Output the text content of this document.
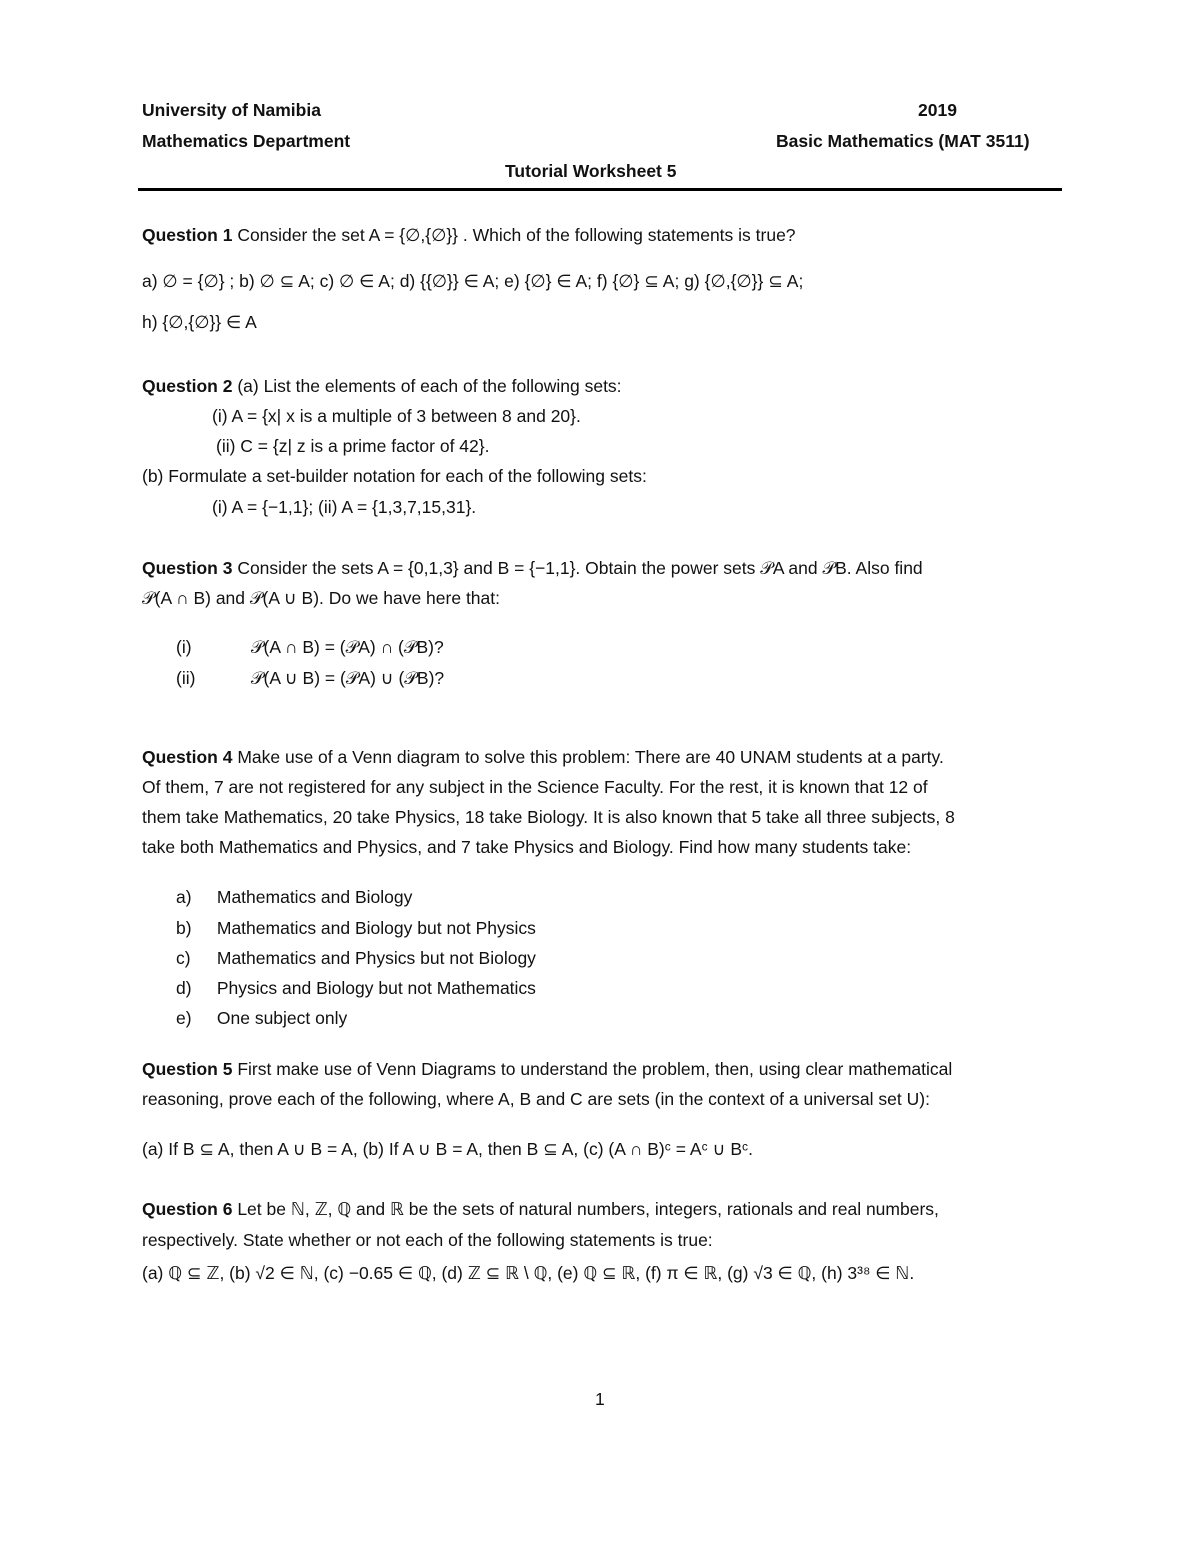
University of Namibia	2019
Mathematics Department	Basic Mathematics (MAT 3511)
Tutorial Worksheet 5
Question 1 Consider the set A = {∅,{∅}} . Which of the following statements is true?
a) ∅ = {∅} ; b) ∅ ⊆ A; c) ∅ ∈ A; d) {{∅}} ∈ A; e) {∅} ∈ A; f) {∅} ⊆ A; g) {∅,{∅}} ⊆ A;
h) {∅,{∅}} ∈ A
Question 2 (a) List the elements of each of the following sets:
(i) A = {x| x is a multiple of 3 between 8 and 20}.
(ii) C = {z| z is a prime factor of 42}.
(b) Formulate a set-builder notation for each of the following sets:
(i) A = {−1,1}; (ii) A = {1,3,7,15,31}.
Question 3 Consider the sets A = {0,1,3} and B = {−1,1}. Obtain the power sets 𝒫A and 𝒫B. Also find
𝒫(A ∩ B) and 𝒫(A ∪ B). Do we have here that:
(i)	𝒫(A ∩ B) = (𝒫A) ∩ (𝒫B)?
(ii)	𝒫(A ∪ B) = (𝒫A) ∪ (𝒫B)?
Question 4 Make use of a Venn diagram to solve this problem: There are 40 UNAM students at a party.
Of them, 7 are not registered for any subject in the Science Faculty. For the rest, it is known that 12 of
them take Mathematics, 20 take Physics, 18 take Biology. It is also known that 5 take all three subjects, 8
take both Mathematics and Physics, and 7 take Physics and Biology. Find how many students take:
a) Mathematics and Biology
b) Mathematics and Biology but not Physics
c) Mathematics and Physics but not Biology
d) Physics and Biology but not Mathematics
e) One subject only
Question 5 First make use of Venn Diagrams to understand the problem, then, using clear mathematical
reasoning, prove each of the following, where A, B and C are sets (in the context of a universal set U):
(a) If B ⊆ A, then A ∪ B = A, (b) If A ∪ B = A, then B ⊆ A, (c) (A ∩ B)ᶜ = Aᶜ ∪ Bᶜ.
Question 6 Let be ℕ, ℤ, ℚ and ℝ be the sets of natural numbers, integers, rationals and real numbers,
respectively. State whether or not each of the following statements is true:
(a) ℚ ⊆ ℤ, (b) √2 ∈ ℕ, (c) −0.65 ∈ ℚ, (d) ℤ ⊆ ℝ \ ℚ, (e) ℚ ⊆ ℝ, (f) π ∈ ℝ, (g) √3 ∈ ℚ, (h) 3³⁸ ∈ ℕ.
1
